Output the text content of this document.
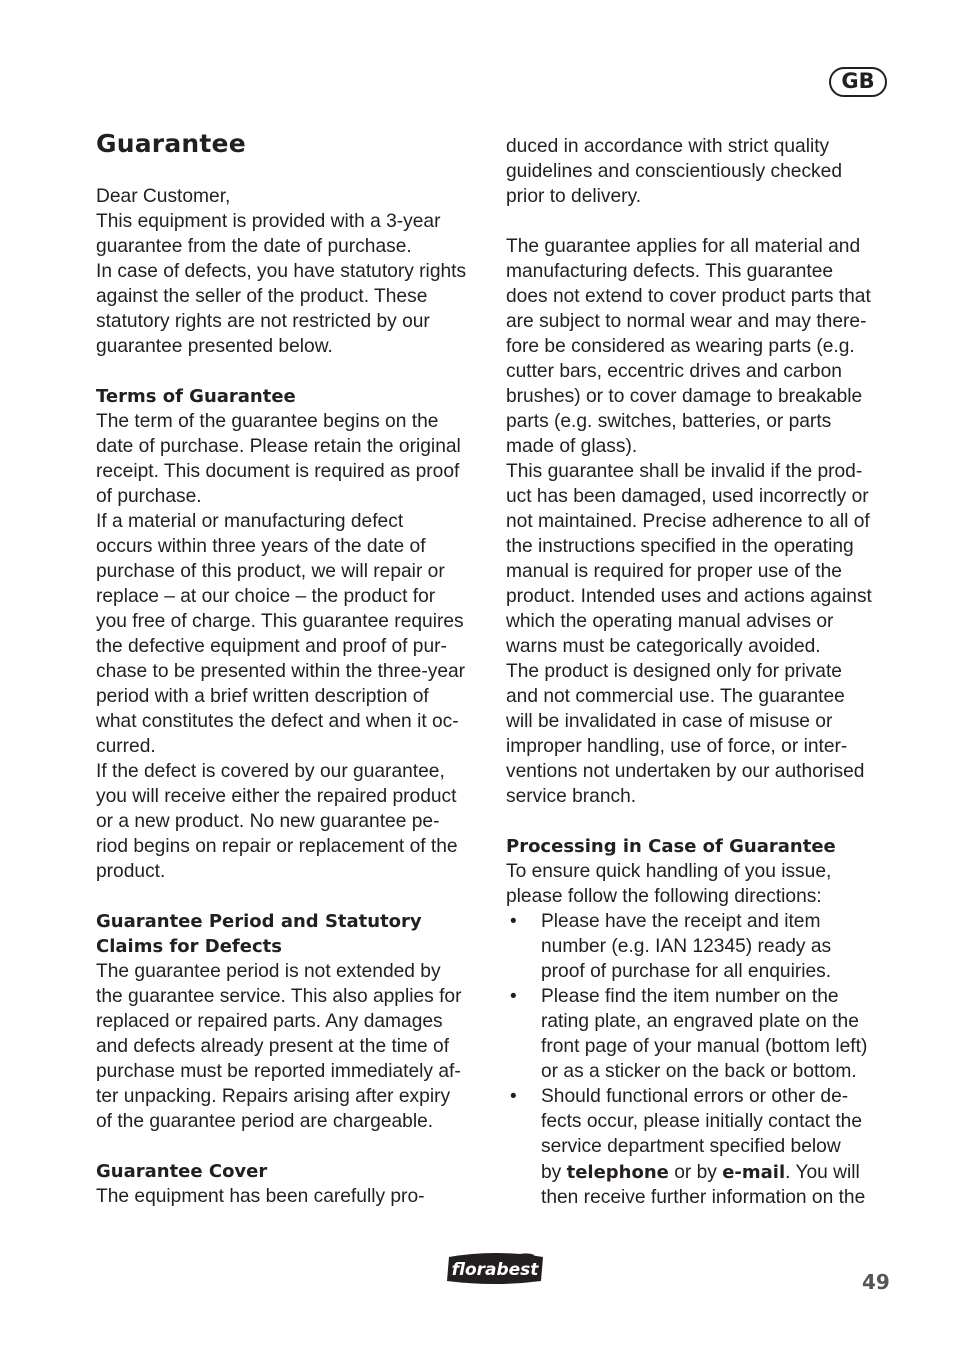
GB
Guarantee
Dear Customer,
This equipment is provided with a 3-year
guarantee from the date of purchase.
In case of defects, you have statutory rights
against the seller of the product. These
statutory rights are not restricted by our
guarantee presented below.
Terms of Guarantee
The term of the guarantee begins on the
date of purchase. Please retain the original
receipt. This document is required as proof
of purchase.
If a material or manufacturing defect
occurs within three years of the date of
purchase of this product, we will repair or
replace – at our choice – the product for
you free of charge. This guarantee requires
the defective equipment and proof of pur-
chase to be presented within the three-year
period with a brief written description of
what constitutes the defect and when it oc-
curred.
If the defect is covered by our guarantee,
you will receive either the repaired product
or a new product. No new guarantee pe-
riod begins on repair or replacement of the
product.
Guarantee Period and Statutory
Claims for Defects
The guarantee period is not extended by
the guarantee service. This also applies for
replaced or repaired parts. Any damages
and defects already present at the time of
purchase must be reported immediately af-
ter unpacking. Repairs arising after expiry
of the guarantee period are chargeable.
Guarantee Cover
The equipment has been carefully pro-
duced in accordance with strict quality
guidelines and conscientiously checked
prior to delivery.
The guarantee applies for all material and
manufacturing defects. This guarantee
does not extend to cover product parts that
are subject to normal wear and may there-
fore be considered as wearing parts (e.g.
cutter bars, eccentric drives and carbon
brushes) or to cover damage to breakable
parts (e.g. switches, batteries, or parts
made of glass).
This guarantee shall be invalid if the prod-
uct has been damaged, used incorrectly or
not maintained. Precise adherence to all of
the instructions specified in the operating
manual is required for proper use of the
product. Intended uses and actions against
which the operating manual advises or
warns must be categorically avoided.
The product is designed only for private
and not commercial use. The guarantee
will be invalidated in case of misuse or
improper handling, use of force, or inter-
ventions not undertaken by our authorised
service branch.
Processing in Case of Guarantee
To ensure quick handling of you issue,
please follow the following directions:
• Please have the receipt and item
number (e.g. IAN 12345) ready as
proof of purchase for all enquiries.
• Please find the item number on the
rating plate, an engraved plate on the
front page of your manual (bottom left)
or as a sticker on the back or bottom.
• Should functional errors or other de-
fects occur, please initially contact the
service department specified below
by telephone or by e-mail. You will
then receive further information on the
florabest	49
